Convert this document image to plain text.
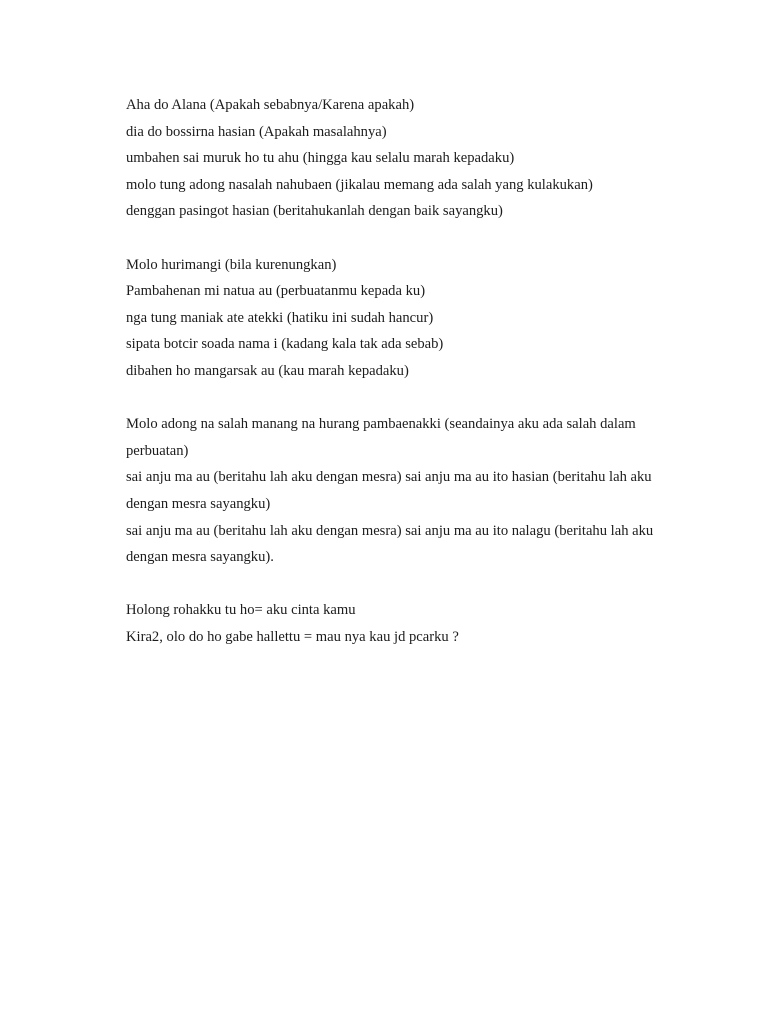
Aha do Alana (Apakah sebabnya/Karena apakah)
dia do bossirna hasian (Apakah masalahnya)
umbahen sai muruk ho tu ahu (hingga kau selalu marah kepadaku)
molo tung adong nasalah nahubaen (jikalau memang ada salah yang kulakukan)
denggan pasingot hasian (beritahukanlah dengan baik sayangku)

Molo hurimangi (bila kurenungkan)
Pambahenan mi natua au (perbuatanmu kepada ku)
nga tung maniak ate atekki (hatiku ini sudah hancur)
sipata botcir soada nama i (kadang kala tak ada sebab)
dibahen ho mangarsak au (kau marah kepadaku)

Molo adong na salah manang na hurang pambaenakki (seandainya aku ada salah dalam perbuatan)
sai anju ma au (beritahu lah aku dengan mesra) sai anju ma au ito hasian (beritahu lah aku dengan mesra sayangku)
sai anju ma au (beritahu lah aku dengan mesra) sai anju ma au ito nalagu (beritahu lah aku dengan mesra sayangku).

Holong rohakku tu ho= aku cinta kamu
Kira2, olo do ho gabe hallettu = mau nya kau jd pcarku ?
